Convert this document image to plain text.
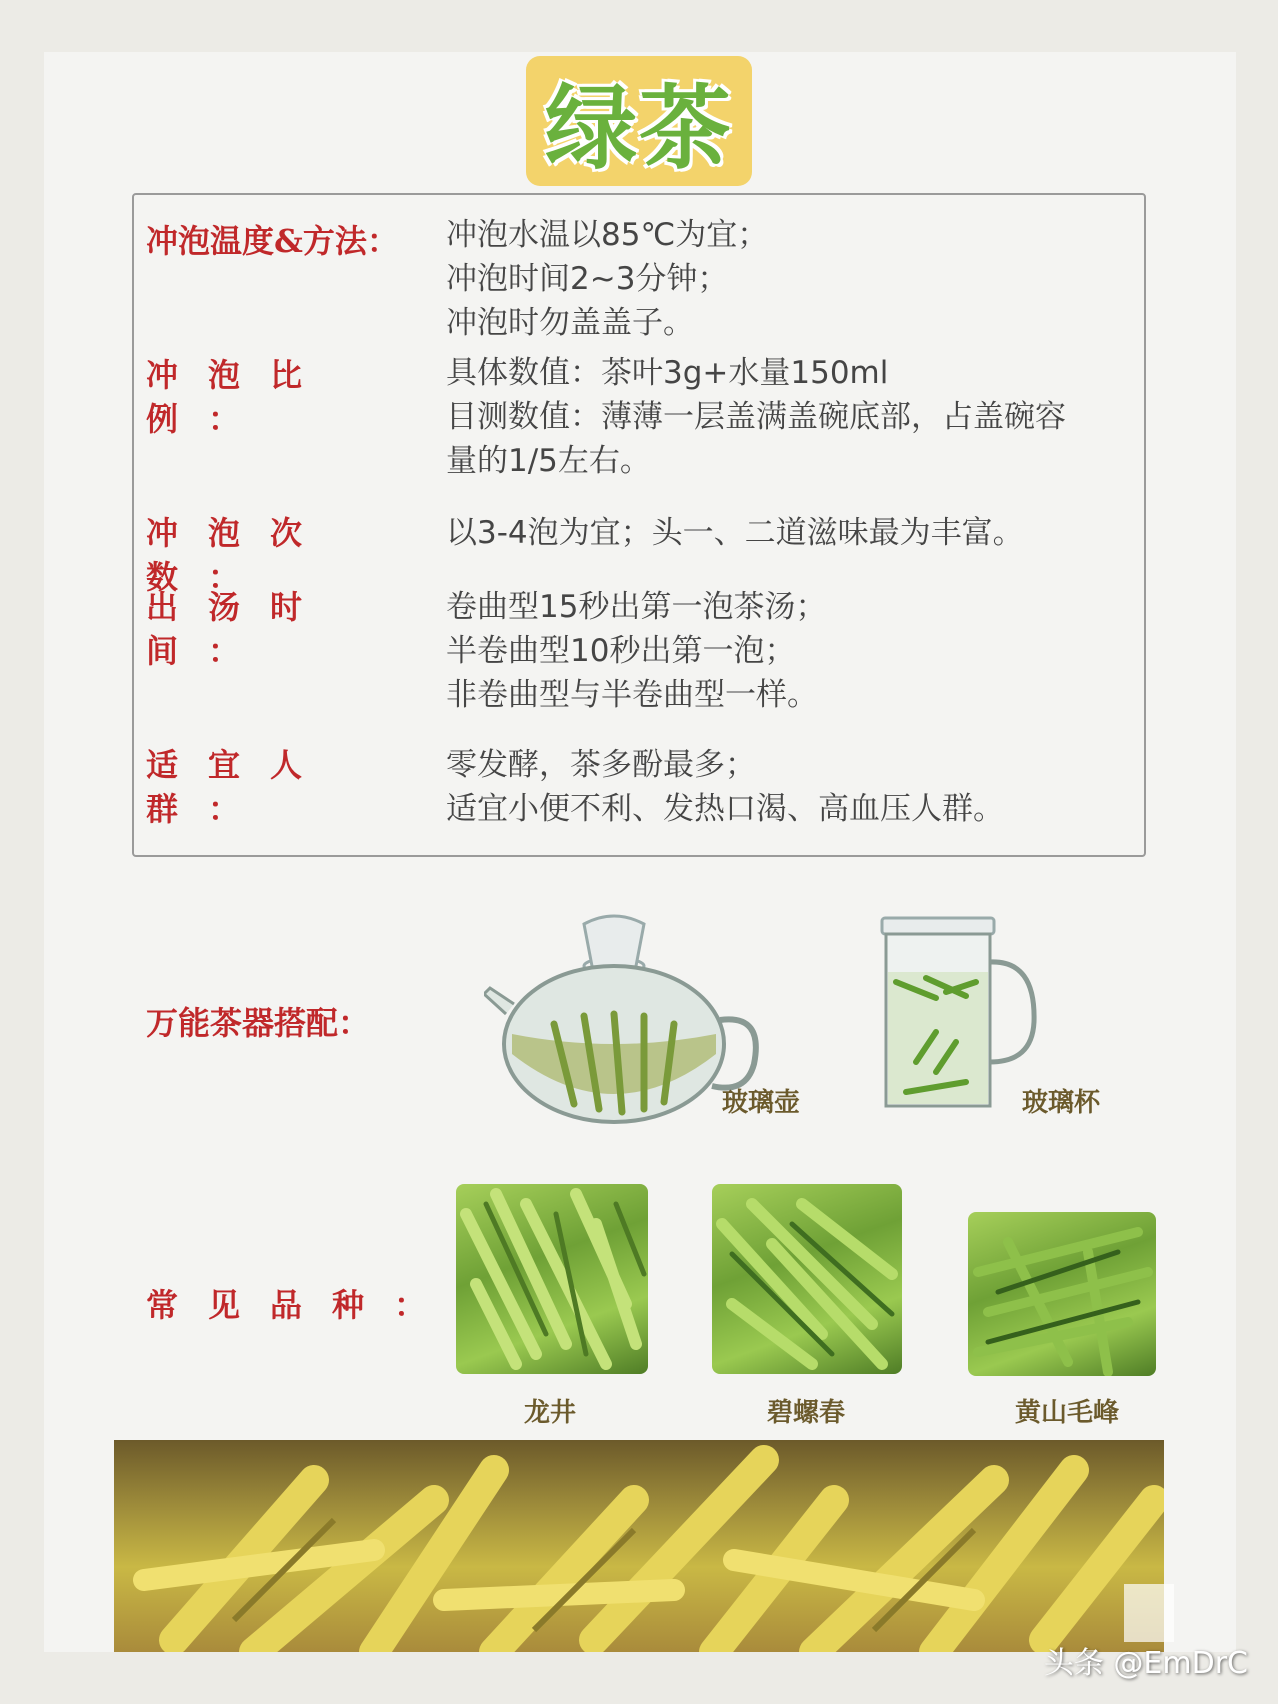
绿茶
冲泡温度&方法：	冲泡水温以85℃为宜；
冲泡时间2~3分钟；
冲泡时勿盖盖子。
冲泡比例：
具体数值：茶叶3g+水量150ml
目测数值：薄薄一层盖满盖碗底部，占盖碗容
量的1/5左右。
冲泡次数：
以3-4泡为宜；头一、二道滋味最为丰富。
出汤时间：
卷曲型15秒出第一泡茶汤；
半卷曲型10秒出第一泡；
非卷曲型与半卷曲型一样。
适宜人群：
零发酵，茶多酚最多；
适宜小便不利、发热口渴、高血压人群。
万能茶器搭配：
玻璃壶	玻璃杯
常见品种：
龙井	碧螺春	黄山毛峰
头条 @EmDrC
